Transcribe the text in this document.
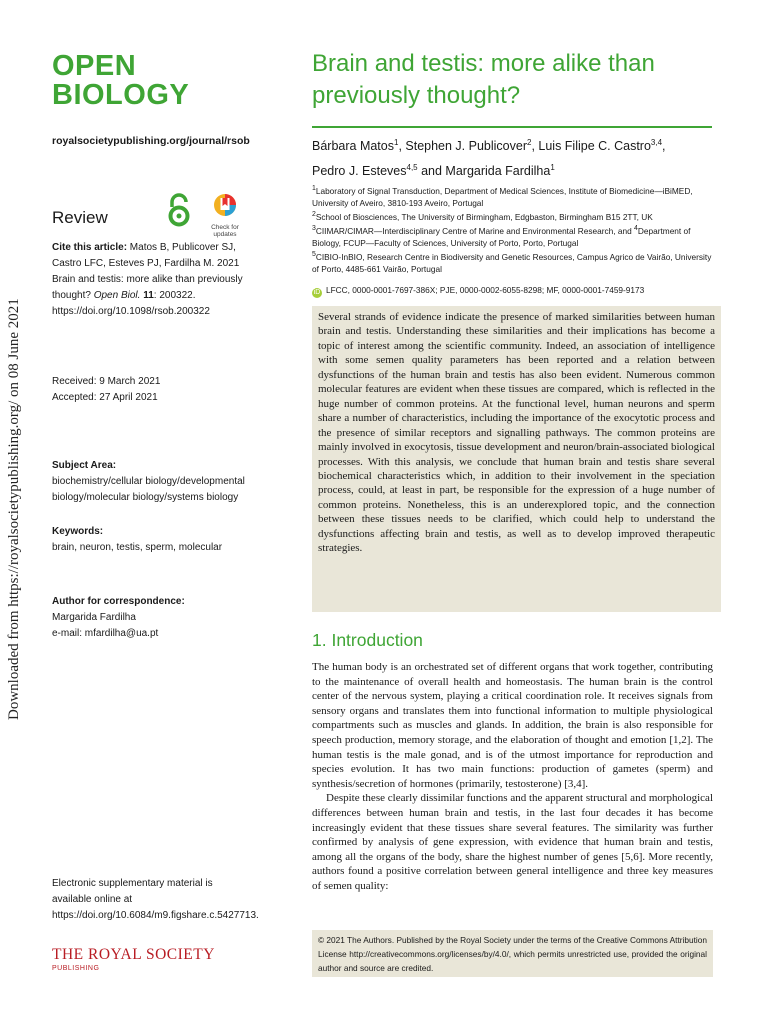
Downloaded from https://royalsocietypublishing.org/ on 08 June 2021
OPEN
BIOLOGY
royalsocietypublishing.org/journal/rsob
Review
Check for
updates
Cite this article: Matos B, Publicover SJ, Castro LFC, Esteves PJ, Fardilha M. 2021 Brain and testis: more alike than previously thought? Open Biol. 11: 200322.
https://doi.org/10.1098/rsob.200322
Received: 9 March 2021
Accepted: 27 April 2021
Subject Area:
biochemistry/cellular biology/developmental biology/molecular biology/systems biology
Keywords:
brain, neuron, testis, sperm, molecular
Author for correspondence:
Margarida Fardilha
e-mail: mfardilha@ua.pt
Electronic supplementary material is available online at https://doi.org/10.6084/m9.figshare.c.5427713.
THE ROYAL SOCIETY
PUBLISHING
Brain and testis: more alike than previously thought?
Bárbara Matos$^1$, Stephen J. Publicover$^2$, Luis Filipe C. Castro$^{3,4}$,
Pedro J. Esteves$^{4,5}$ and Margarida Fardilha$^1$
$^1$Laboratory of Signal Transduction, Department of Medical Sciences, Institute of Biomedicine—iBiMED, University of Aveiro, 3810-193 Aveiro, Portugal
$^2$School of Biosciences, The University of Birmingham, Edgbaston, Birmingham B15 2TT, UK
$^3$CIIMAR/CIMAR—Interdisciplinary Centre of Marine and Environmental Research, and $^4$Department of Biology, FCUP—Faculty of Sciences, University of Porto, Porto, Portugal
$^5$CIBIO-InBIO, Research Centre in Biodiversity and Genetic Resources, Campus Agrico de Vairão, University of Porto, 4485-661 Vairão, Portugal
iD LFCC, 0000-0001-7697-386X; PJE, 0000-0002-6055-8298; MF, 0000-0001-7459-9173
Several strands of evidence indicate the presence of marked similarities between human brain and testis. Understanding these similarities and their implications has become a topic of interest among the scientific community. Indeed, an association of intelligence with some semen quality parameters has been reported and a relation between dysfunctions of the human brain and testis has also been evident. Numerous common molecular features are evident when these tissues are compared, which is reflected in the huge number of common proteins. At the functional level, human neurons and sperm share a number of characteristics, including the importance of the exocytotic process and the presence of similar receptors and signalling pathways. The common proteins are mainly involved in exocytosis, tissue development and neuron/brain-associated biological processes. With this analysis, we conclude that human brain and testis share several biochemical characteristics which, in addition to their involvement in the speciation process, could, at least in part, be responsible for the expression of a huge number of common proteins. Nonetheless, this is an underexplored topic, and the connection between these tissues needs to be clarified, which could help to understand the dysfunctions affecting brain and testis, as well as to develop improved therapeutic strategies.
1. Introduction

The human body is an orchestrated set of different organs that work together, contributing to the maintenance of overall health and homeostasis. The human brain is the control center of the nervous system, playing a critical coordination role. It receives signals from sensory organs and translates them into functional information to multiple physiological compartments such as muscles and glands. In addition, the brain is also responsible for speech production, memory storage, and the elaboration of thought and emotion [1,2]. The human testis is the male gonad, and is of the utmost importance for reproduction and species evolution. It has two main functions: production of gametes (sperm) and synthesis/secretion of hormones (primarily, testosterone) [3,4].

Despite these clearly dissimilar functions and the apparent structural and morphological differences between human brain and testis, in the last four decades it has become increasingly evident that these tissues share several features. The similarity was further confirmed by analysis of gene expression, with evidence that human brain and testis, among all the organs of the body, share the highest number of genes [5,6]. More recently, authors found a positive correlation between general intelligence and three key measures of semen quality:

© 2021 The Authors. Published by the Royal Society under the terms of the Creative Commons Attribution License http://creativecommons.org/licenses/by/4.0/, which permits unrestricted use, provided the original author and source are credited.
